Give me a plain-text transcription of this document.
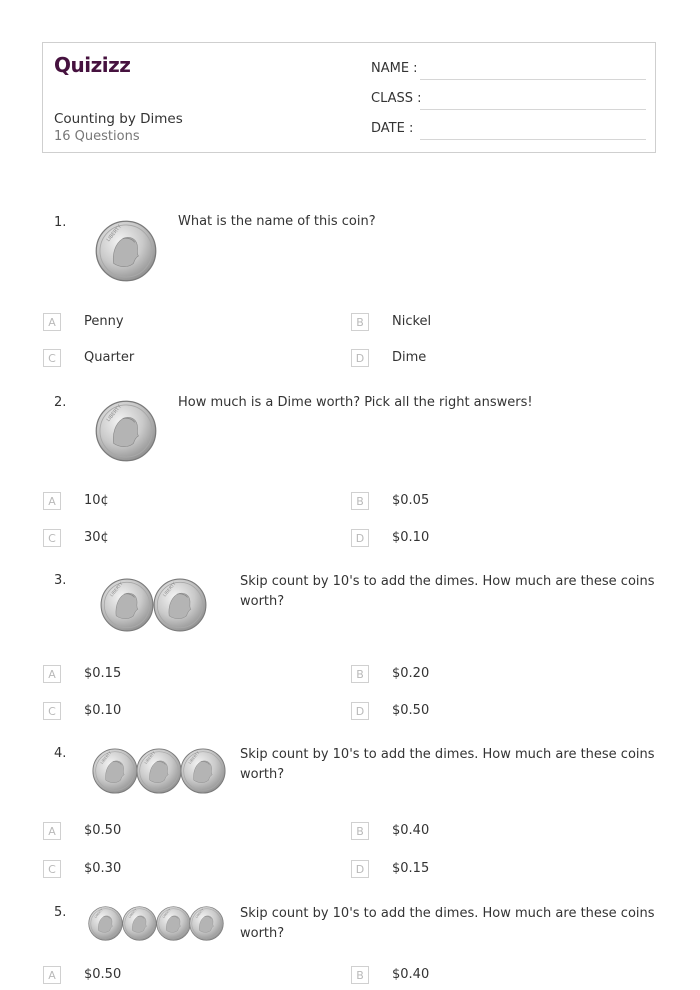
Quizizz
Counting by Dimes
16 Questions
NAME :
CLASS :
DATE :
1.	What is the name of this coin?
A	Penny	B	Nickel
C	Quarter	D	Dime
2.	How much is a Dime worth? Pick all the right answers!
A	10¢	B	$0.05
C	30¢	D	$0.10
3.	Skip count by 10's to add the dimes. How much are these coins
worth?
A	$0.15	B	$0.20
C	$0.10	D	$0.50
4.	Skip count by 10's to add the dimes. How much are these coins
worth?
A	$0.50	B	$0.40
C	$0.30	D	$0.15
5.	Skip count by 10's to add the dimes. How much are these coins
worth?
A	$0.50	B	$0.40
